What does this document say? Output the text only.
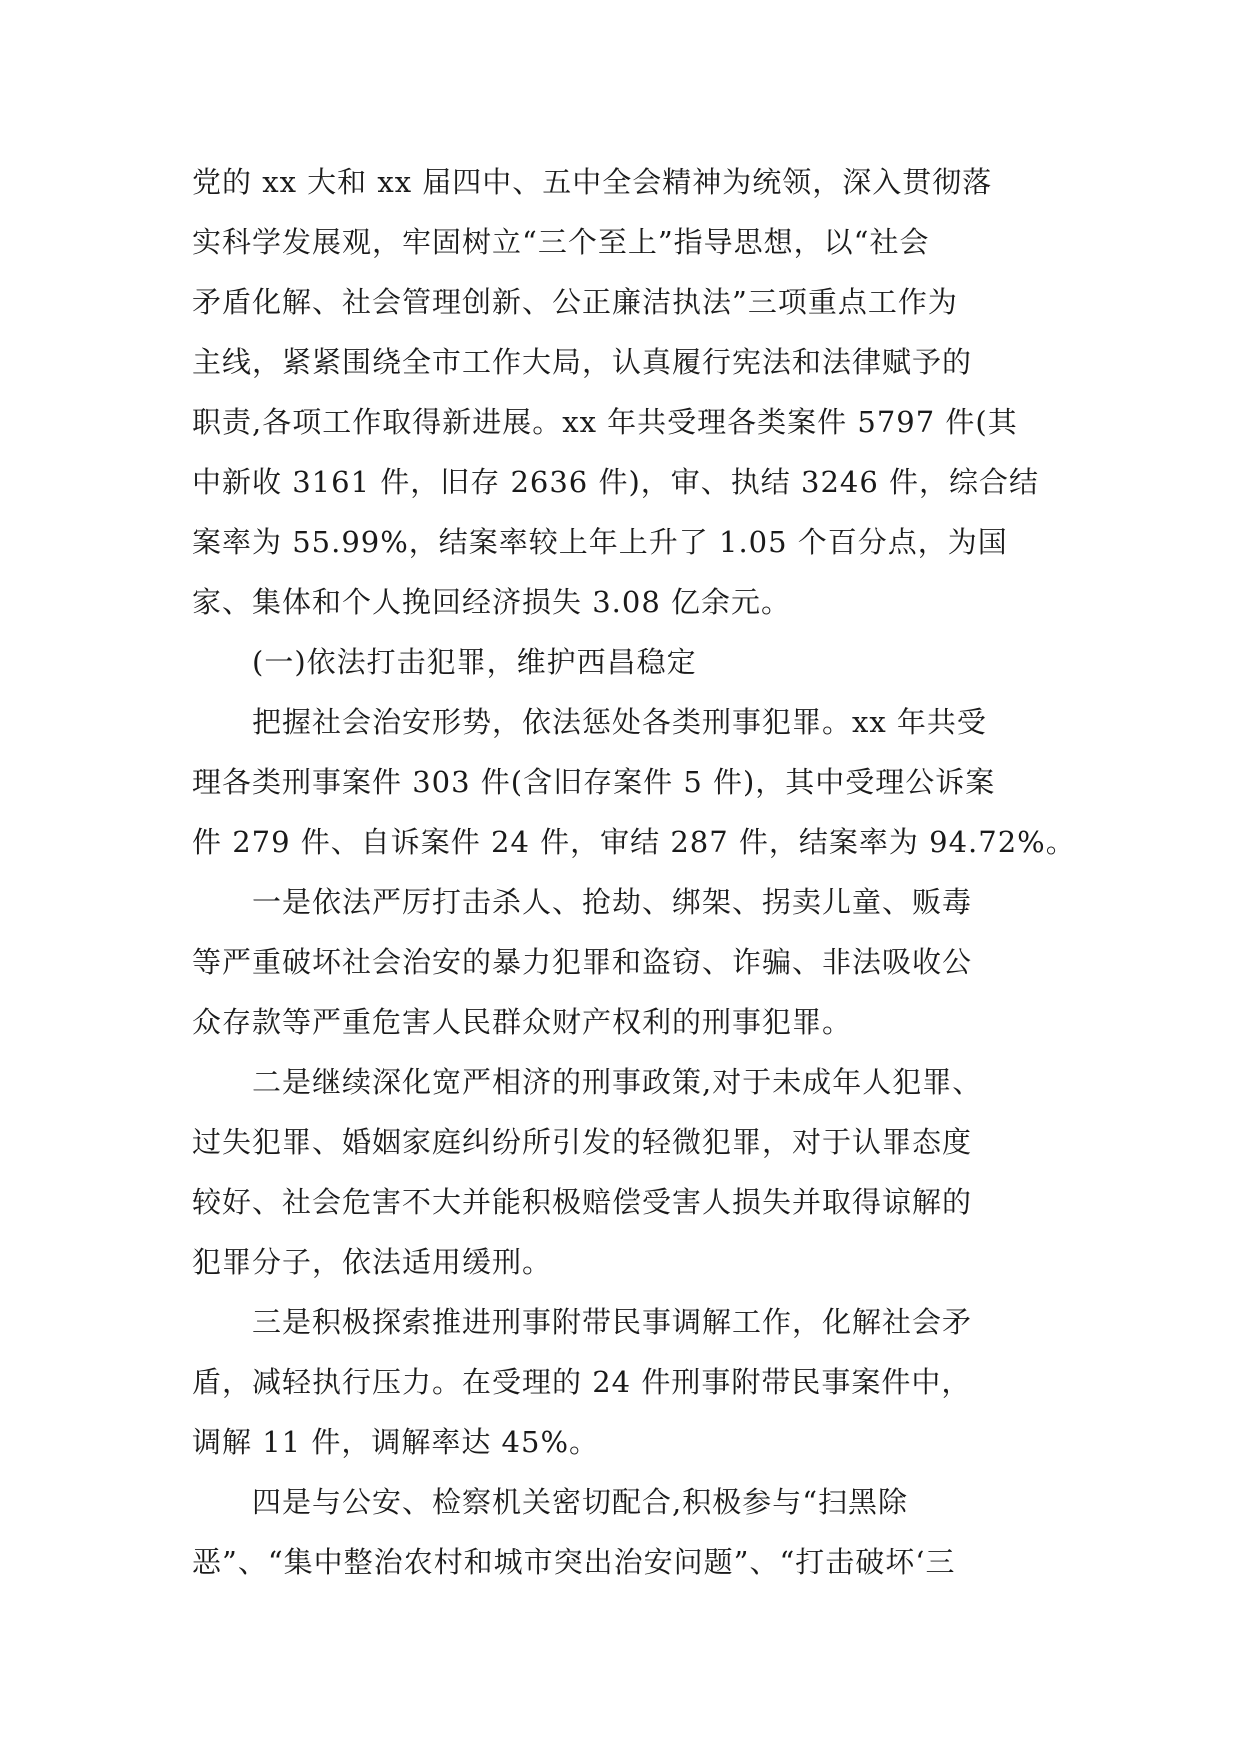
党的 xx 大和 xx 届四中、五中全会精神为统领，深入贯彻落
实科学发展观，牢固树立“三个至上”指导思想，以“社会
矛盾化解、社会管理创新、公正廉洁执法”三项重点工作为
主线，紧紧围绕全市工作大局，认真履行宪法和法律赋予的
职责,各项工作取得新进展。xx 年共受理各类案件 5797 件(其
中新收 3161 件，旧存 2636 件)，审、执结 3246 件，综合结
案率为 55.99%，结案率较上年上升了 1.05 个百分点，为国
家、集体和个人挽回经济损失 3.08 亿余元。
　　(一)依法打击犯罪，维护西昌稳定
　　把握社会治安形势，依法惩处各类刑事犯罪。xx 年共受
理各类刑事案件 303 件(含旧存案件 5 件)，其中受理公诉案
件 279 件、自诉案件 24 件，审结 287 件，结案率为 94.72%。
　　一是依法严厉打击杀人、抢劫、绑架、拐卖儿童、贩毒
等严重破坏社会治安的暴力犯罪和盗窃、诈骗、非法吸收公
众存款等严重危害人民群众财产权利的刑事犯罪。
　　二是继续深化宽严相济的刑事政策,对于未成年人犯罪、
过失犯罪、婚姻家庭纠纷所引发的轻微犯罪，对于认罪态度
较好、社会危害不大并能积极赔偿受害人损失并取得谅解的
犯罪分子，依法适用缓刑。
　　三是积极探索推进刑事附带民事调解工作，化解社会矛
盾，减轻执行压力。在受理的 24 件刑事附带民事案件中，
调解 11 件，调解率达 45%。
　　四是与公安、检察机关密切配合,积极参与“扫黑除
恶”、“集中整治农村和城市突出治安问题”、“打击破坏‘三
